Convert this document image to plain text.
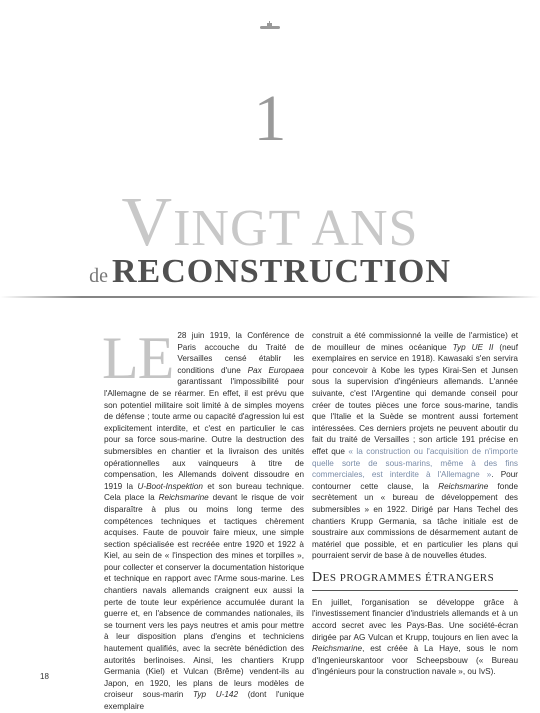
1
VINGT ANS
de RECONSTRUCTION

LE 28 juin 1919, la Conférence de Paris accouche du Traité de Versailles censé établir les conditions d'une Pax Europaea garantissant l'impossibilité pour l'Allemagne de se réarmer. En effet, il est prévu que son potentiel militaire soit limité à de simples moyens de défense ; toute arme ou capacité d'agression lui est explicitement interdite, et c'est en particulier le cas pour sa force sous-marine. Outre la destruction des submersibles en chantier et la livraison des unités opérationnelles aux vainqueurs à titre de compensation, les Allemands doivent dissoudre en 1919 la U-Boot-Inspektion et son bureau technique. Cela place la Reichsmarine devant le risque de voir disparaître à plus ou moins long terme des compétences techniques et tactiques chèrement acquises. Faute de pouvoir faire mieux, une simple section spécialisée est recréée entre 1920 et 1922 à Kiel, au sein de « l'inspection des mines et torpilles », pour collecter et conserver la documentation historique et technique en rapport avec l'Arme sous-marine. Les chantiers navals allemands craignent eux aussi la perte de toute leur expérience accumulée durant la guerre et, en l'absence de commandes nationales, ils se tournent vers les pays neutres et amis pour mettre à leur disposition plans d'engins et techniciens hautement qualifiés, avec la secrète bénédiction des autorités berlinoises. Ainsi, les chantiers Krupp Germania (Kiel) et Vulcan (Brême) vendent-ils au Japon, en 1920, les plans de leurs modèles de croiseur sous-marin Typ U-142 (dont l'unique exemplaire

construit a été commissionné la veille de l'armistice) et de mouilleur de mines océanique Typ UE II (neuf exemplaires en service en 1918). Kawasaki s'en servira pour concevoir à Kobe les types Kirai-Sen et Junsen sous la supervision d'ingénieurs allemands. L'année suivante, c'est l'Argentine qui demande conseil pour créer de toutes pièces une force sous-marine, tandis que l'Italie et la Suède se montrent aussi fortement intéressées. Ces derniers projets ne peuvent aboutir du fait du traité de Versailles ; son article 191 précise en effet que « la construction ou l'acquisition de n'importe quelle sorte de sous-marins, même à des fins commerciales, est interdite à l'Allemagne ». Pour contourner cette clause, la Reichsmarine fonde secrètement un « bureau de développement des submersibles » en 1922. Dirigé par Hans Techel des chantiers Krupp Germania, sa tâche initiale est de soustraire aux commissions de désarmement autant de matériel que possible, et en particulier les plans qui pourraient servir de base à de nouvelles études.

DES PROGRAMMES ÉTRANGERS

En juillet, l'organisation se développe grâce à l'investissement financier d'industriels allemands et à un accord secret avec les Pays-Bas. Une société-écran dirigée par AG Vulcan et Krupp, toujours en lien avec la Reichsmarine, est créée à La Haye, sous le nom d'Ingenieurskantoor voor Scheepsbouw (« Bureau d'ingénieurs pour la construction navale », ou IvS).

18
